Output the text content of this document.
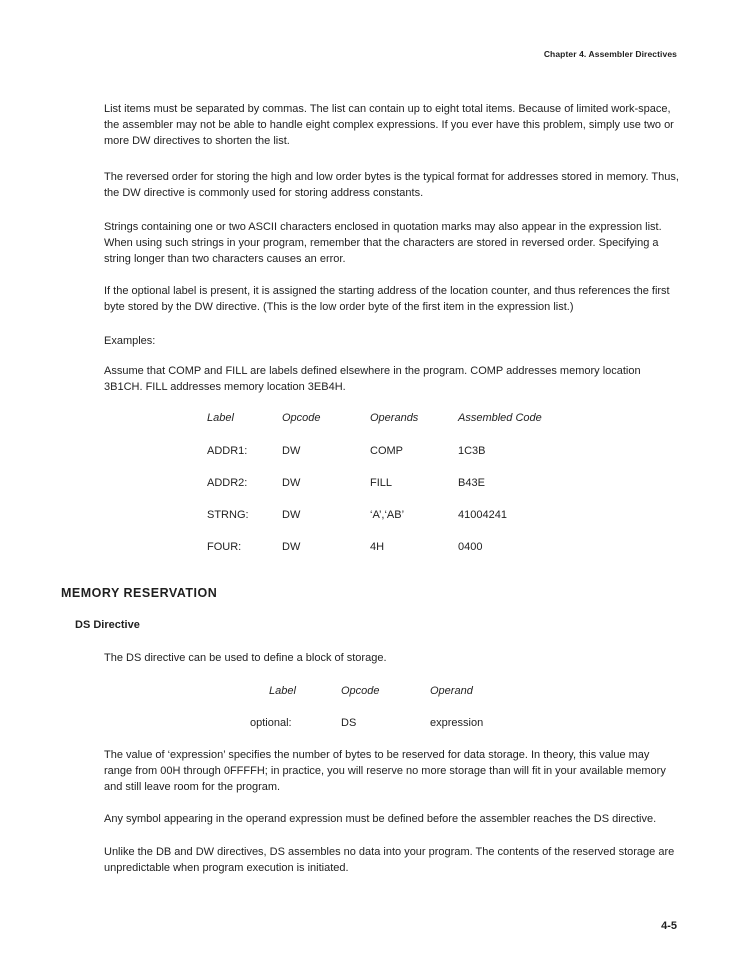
Chapter 4. Assembler Directives

List items must be separated by commas. The list can contain up to eight total items. Because of limited work-space, the assembler may not be able to handle eight complex expressions. If you ever have this problem, simply use two or more DW directives to shorten the list.

The reversed order for storing the high and low order bytes is the typical format for addresses stored in memory. Thus, the DW directive is commonly used for storing address constants.

Strings containing one or two ASCII characters enclosed in quotation marks may also appear in the expression list. When using such strings in your program, remember that the characters are stored in reversed order. Specifying a string longer than two characters causes an error.

If the optional label is present, it is assigned the starting address of the location counter, and thus references the first byte stored by the DW directive. (This is the low order byte of the first item in the expression list.)

Examples:

Assume that COMP and FILL are labels defined elsewhere in the program. COMP addresses memory location 3B1CH. FILL addresses memory location 3EB4H.

Label	Opcode	Operands	Assembled Code
ADDR1:	DW	COMP	1C3B
ADDR2:	DW	FILL	B43E
STRNG:	DW	‘A’,‘AB’	41004241
FOUR:	DW	4H	0400
MEMORY RESERVATION
DS Directive
The DS directive can be used to define a block of storage.
Label	Opcode	Operand
optional:	DS	expression

The value of ‘expression’ specifies the number of bytes to be reserved for data storage. In theory, this value may range from 00H through 0FFFFH; in practice, you will reserve no more storage than will fit in your available memory and still leave room for the program.

Any symbol appearing in the operand expression must be defined before the assembler reaches the DS directive.

Unlike the DB and DW directives, DS assembles no data into your program. The contents of the reserved storage are unpredictable when program execution is initiated.

4-5
